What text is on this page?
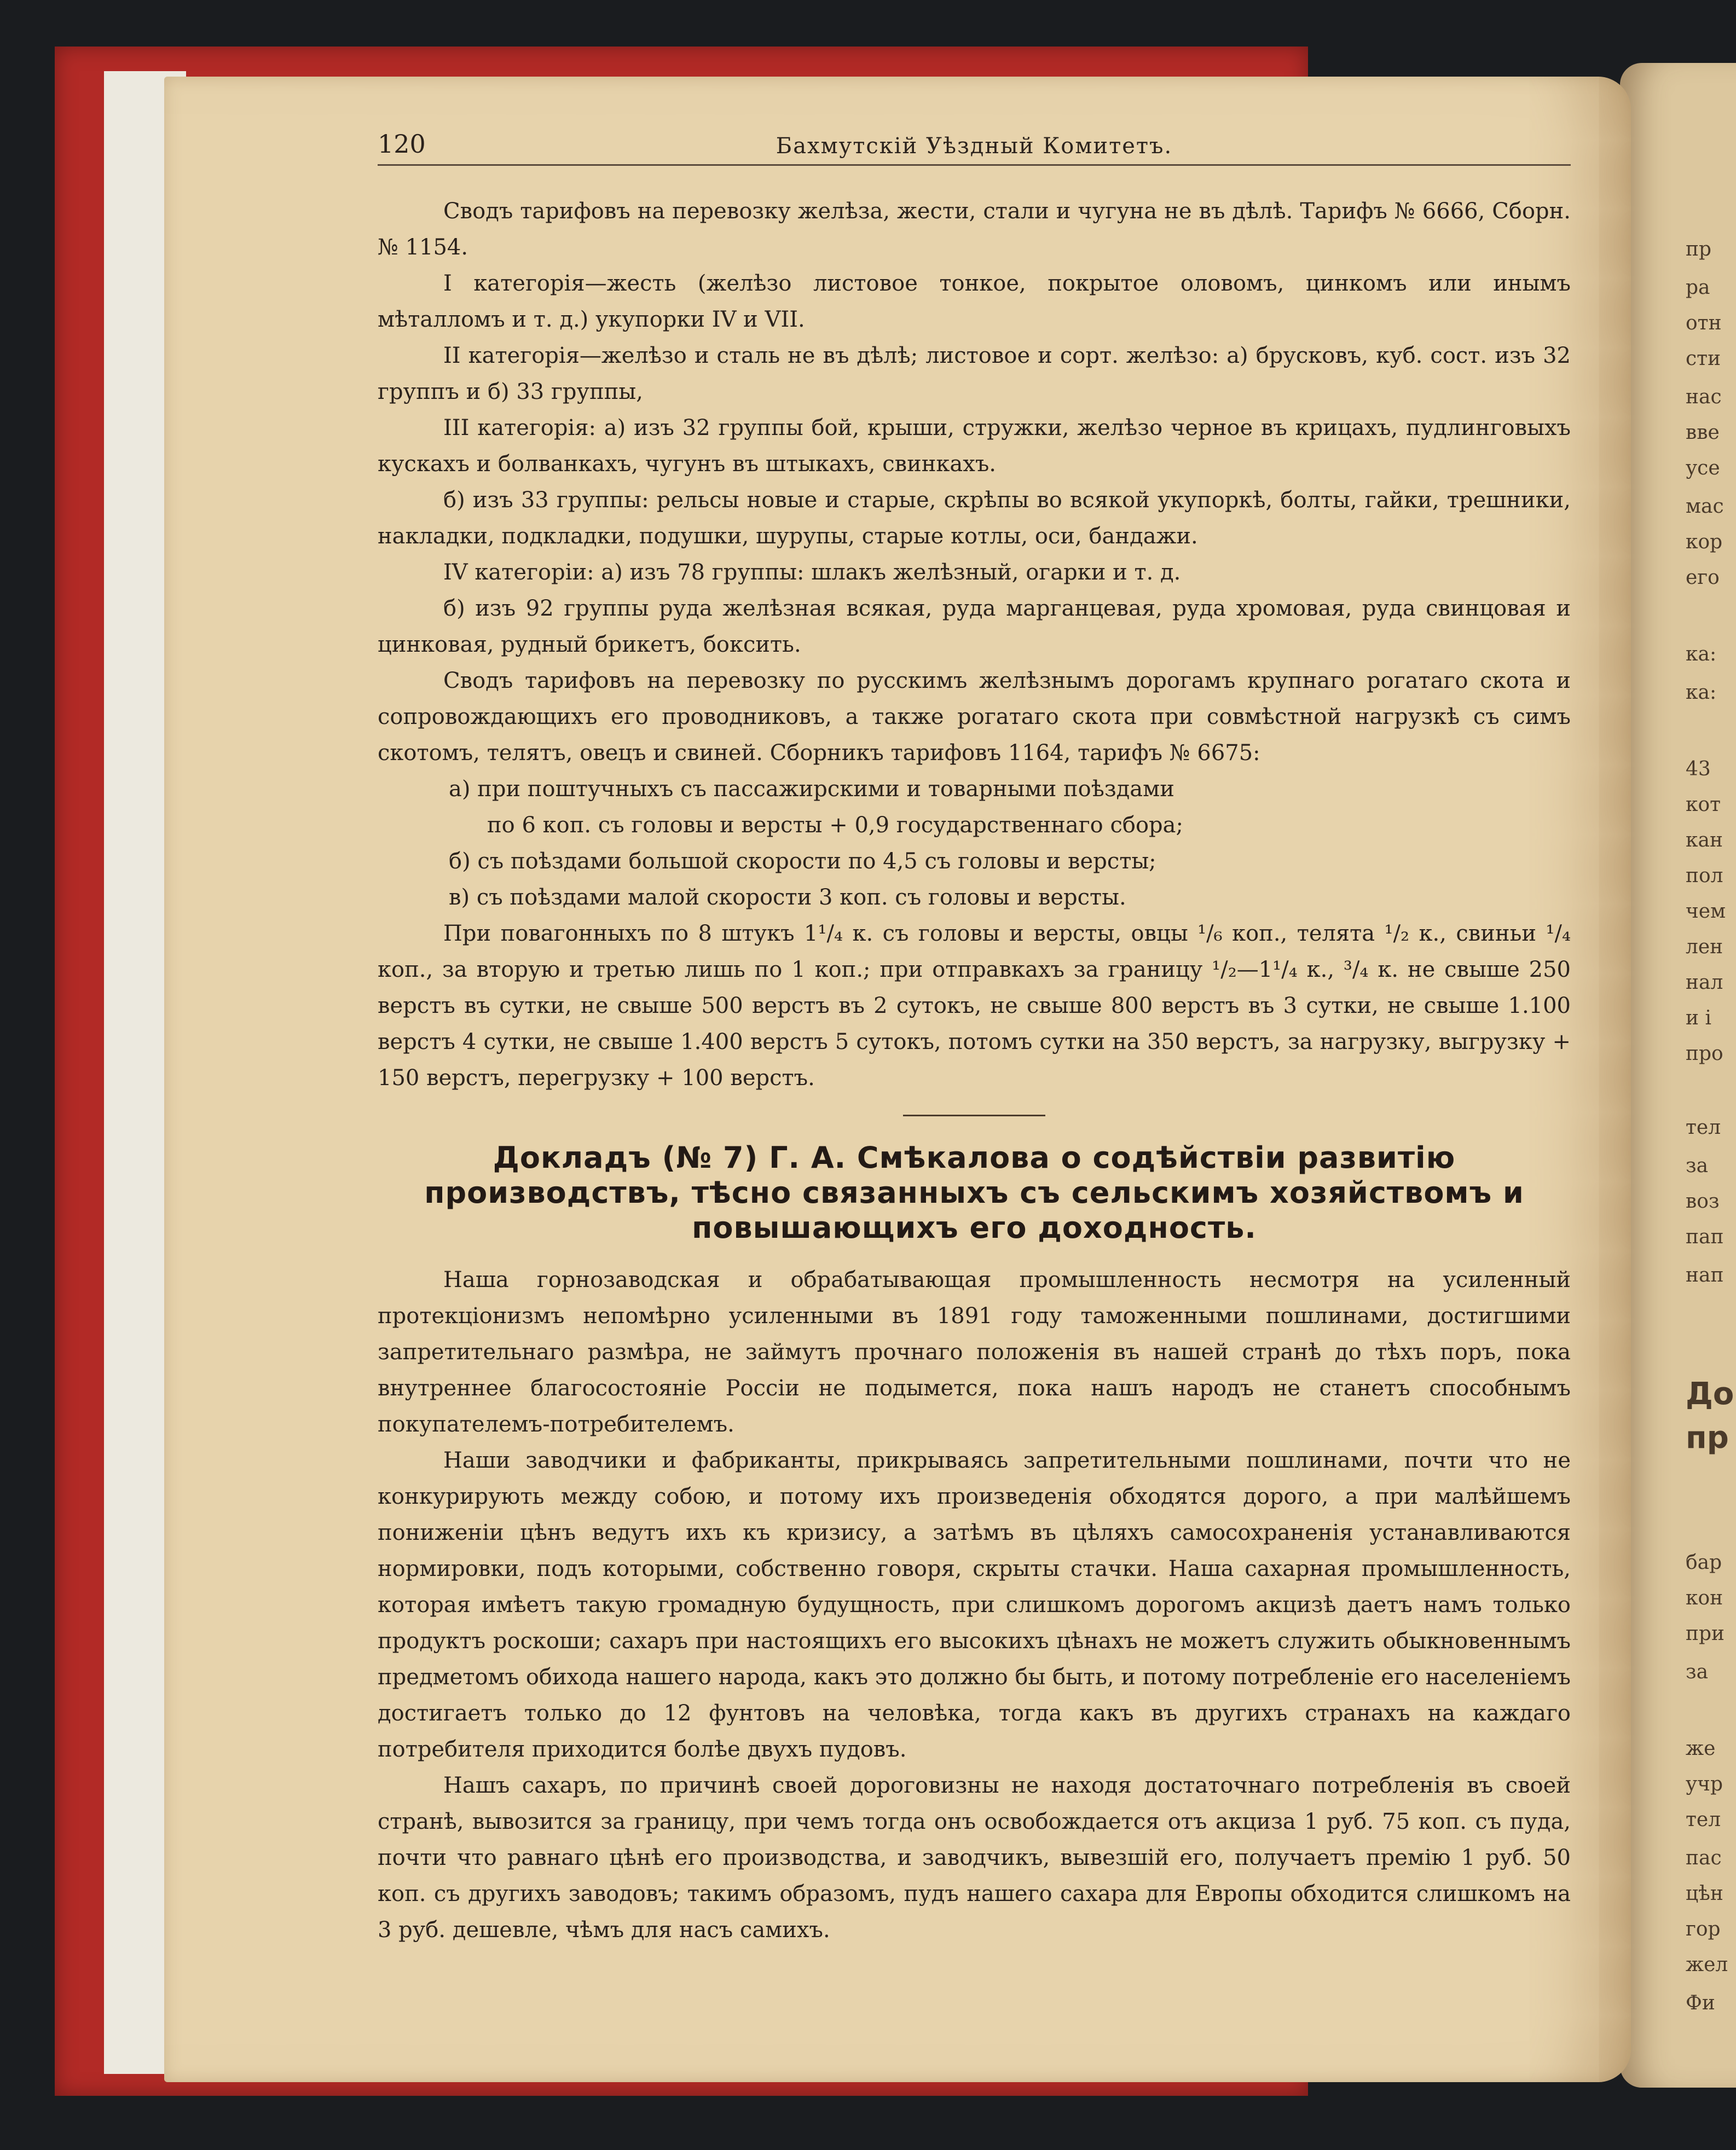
пр
ра
отн
сти
нас
вве
усе
мас
кор
его
ка:
ка:
43
кот
кан
пол
чем
лен
нал
и і
про
тел
за
воз
пап
нап
До
пр
бар
кон
при
за
же
учр
тел
пас
цѣн
гор
жел
Фи
120	Бахмутскій Уѣздный Комитетъ.

Сводъ тарифовъ на перевозку желѣза, жести, стали и чугуна не въ дѣлѣ. Тарифъ № 6666, Сборн. № 1154.

I категорія—жесть (желѣзо листовое тонкое, покрытое оловомъ, цинкомъ или инымъ мѣталломъ и т. д.) укупорки IV и VII.

II категорія—желѣзо и сталь не въ дѣлѣ; листовое и сорт. желѣзо: а) брусковъ, куб. сост. изъ 32 группъ и б) 33 группы,

III категорія: а) изъ 32 группы бой, крыши, стружки, желѣзо черное въ крицахъ, пудлинговыхъ кускахъ и болванкахъ, чугунъ въ штыкахъ, свинкахъ.

б) изъ 33 группы: рельсы новые и старые, скрѣпы во всякой укупоркѣ, болты, гайки, трешники, накладки, подкладки, подушки, шурупы, старые котлы, оси, бандажи.

IV категоріи: а) изъ 78 группы: шлакъ желѣзный, огарки и т. д.

б) изъ 92 группы руда желѣзная всякая, руда марганцевая, руда хромовая, руда свинцовая и цинковая, рудный брикетъ, боксить.

Сводъ тарифовъ на перевозку по русскимъ желѣзнымъ дорогамъ крупнаго рогатаго скота и сопровождающихъ его проводниковъ, а также рогатаго скота при совмѣстной нагрузкѣ съ симъ скотомъ, телятъ, овецъ и свиней. Сборникъ тарифовъ 1164, тарифъ № 6675:

а) при поштучныхъ съ пассажирскими и товарными поѣздами

по 6 коп. съ головы и версты + 0,9 государственнаго сбора;

б) съ поѣздами большой скорости по 4,5 съ головы и версты;

в) съ поѣздами малой скорости 3 коп. съ головы и версты.

При повагонныхъ по 8 штукъ 1¹/₄ к. съ головы и версты, овцы ¹/₆ коп., телята ¹/₂ к., свиньи ¹/₄ коп., за вторую и третью лишь по 1 коп.; при отправкахъ за границу ¹/₂—1¹/₄ к., ³/₄ к. не свыше 250 верстъ въ сутки, не свыше 500 верстъ въ 2 сутокъ, не свыше 800 верстъ въ 3 сутки, не свыше 1.100 верстъ 4 сутки, не свыше 1.400 верстъ 5 сутокъ, потомъ сутки на 350 верстъ, за нагрузку, выгрузку + 150 верстъ, перегрузку + 100 верстъ.

Докладъ (№ 7) Г. А. Смѣкалова о содѣйствіи развитію производствъ, тѣсно связанныхъ съ сельскимъ хозяйствомъ и повышающихъ его доходность.

Наша горнозаводская и обрабатывающая промышленность несмотря на усиленный протекціонизмъ непомѣрно усиленными въ 1891 году таможенными пошлинами, достигшими запретительнаго размѣра, не займутъ прочнаго положенія въ нашей странѣ до тѣхъ поръ, пока внутреннее благосостояніе Россіи не подымется, пока нашъ народъ не станетъ способнымъ покупателемъ-потребителемъ.

Наши заводчики и фабриканты, прикрываясь запретительными пошлинами, почти что не конкурирують между собою, и потому ихъ произведенія обходятся дорого, а при малѣйшемъ пониженіи цѣнъ ведутъ ихъ къ кризису, а затѣмъ въ цѣляхъ самосохраненія устанавливаются нормировки, подъ которыми, собственно говоря, скрыты стачки. Наша сахарная промышленность, которая имѣетъ такую громадную будущность, при слишкомъ дорогомъ акцизѣ даетъ намъ только продуктъ роскоши; сахаръ при настоящихъ его высокихъ цѣнахъ не можетъ служить обыкновеннымъ предметомъ обихода нашего народа, какъ это должно бы быть, и потому потребленіе его населеніемъ достигаетъ только до 12 фунтовъ на человѣка, тогда какъ въ другихъ странахъ на каждаго потребителя приходится болѣе двухъ пудовъ.

Нашъ сахаръ, по причинѣ своей дороговизны не находя достаточнаго потребленія въ своей странѣ, вывозится за границу, при чемъ тогда онъ освобождается отъ акциза 1 руб. 75 коп. съ пуда, почти что равнаго цѣнѣ его производства, и заводчикъ, вывезшій его, получаетъ премію 1 руб. 50 коп. съ другихъ заводовъ; такимъ образомъ, пудъ нашего сахара для Европы обходится слишкомъ на 3 руб. дешевле, чѣмъ для насъ самихъ.
